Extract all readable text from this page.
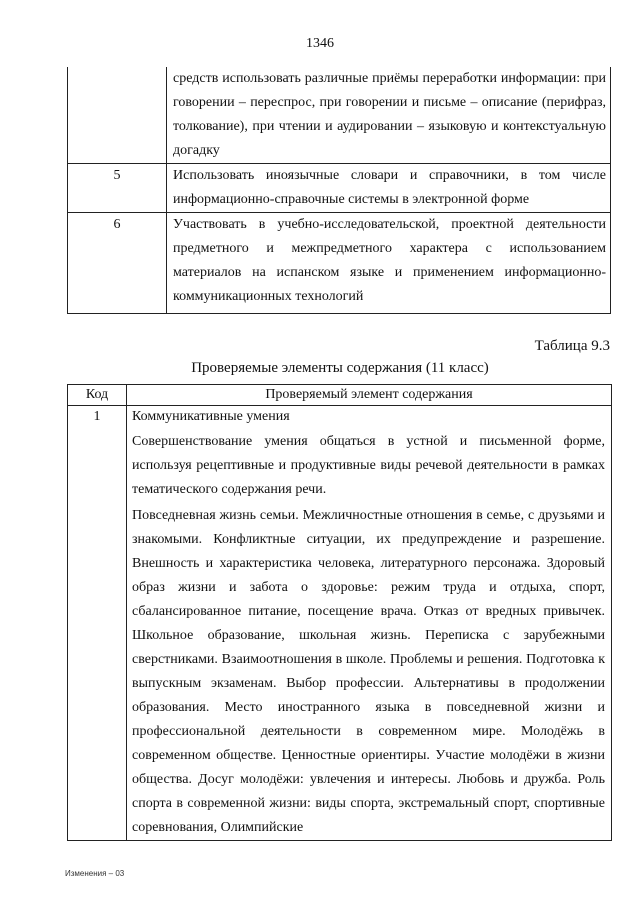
1346

	средств использовать различные приёмы переработки информации: при говорении – переспрос, при говорении и письме – описание (перифраз, толкование), при чтении и аудировании – языковую и контекстуальную догадку

5	Использовать иноязычные словари и справочники, в том числе информационно-справочные системы в электронной форме

6	Участвовать в учебно-исследовательской, проектной деятельности предметного и межпредметного характера с использованием материалов на испанском языке и применением информационно-коммуникационных технологий
Таблица 9.3
Проверяемые элементы содержания (11 класс)
Код	Проверяемый элемент содержания
1	Коммуникативные умения

Совершенствование умения общаться в устной и письменной форме, используя рецептивные и продуктивные виды речевой деятельности в рамках тематического содержания речи.

Повседневная жизнь семьи. Межличностные отношения в семье, с друзьями и знакомыми. Конфликтные ситуации, их предупреждение и разрешение. Внешность и характеристика человека, литературного персонажа. Здоровый образ жизни и забота о здоровье: режим труда и отдыха, спорт, сбалансированное питание, посещение врача. Отказ от вредных привычек. Школьное образование, школьная жизнь. Переписка с зарубежными сверстниками. Взаимоотношения в школе. Проблемы и решения. Подготовка к выпускным экзаменам. Выбор профессии. Альтернативы в продолжении образования. Место иностранного языка в повседневной жизни и профессиональной деятельности в современном мире. Молодёжь в современном обществе. Ценностные ориентиры. Участие молодёжи в жизни общества. Досуг молодёжи: увлечения и интересы. Любовь и дружба. Роль спорта в современной жизни: виды спорта, экстремальный спорт, спортивные соревнования, Олимпийские

Изменения – 03
